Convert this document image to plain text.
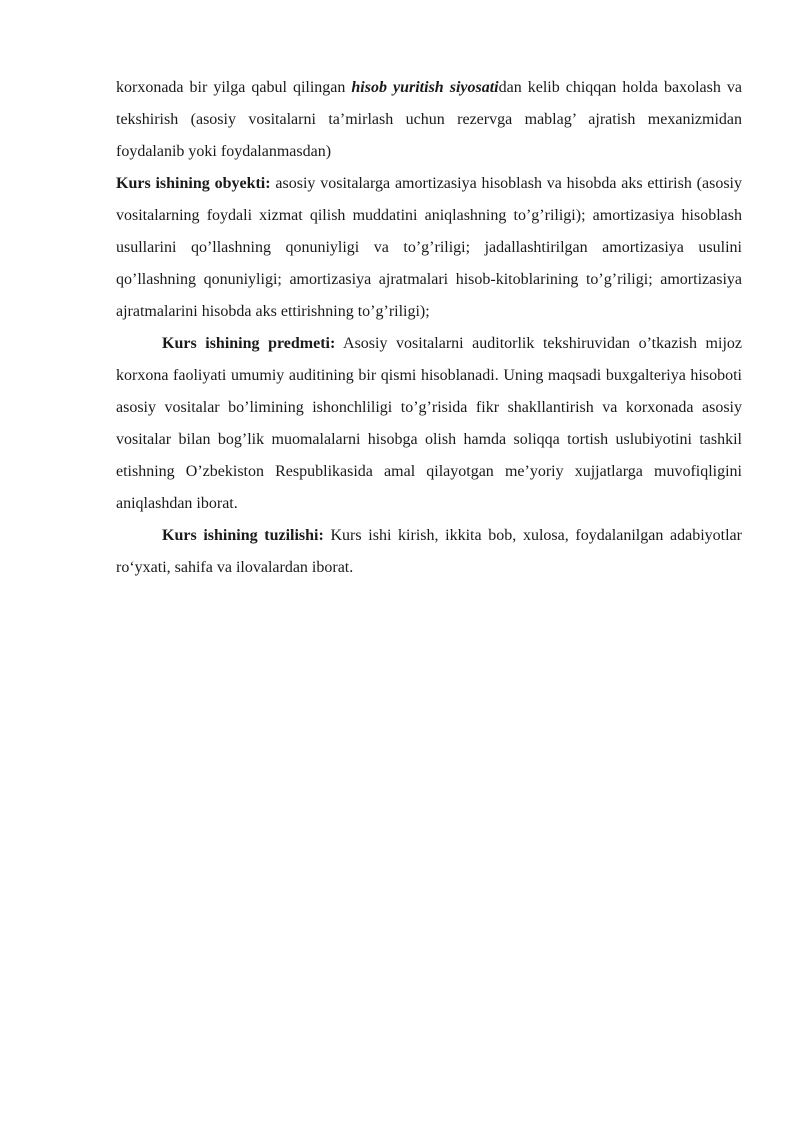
korxonada bir yilga qabul qilingan hisob yuritish siyosatidan kelib chiqqan holda baxolash va tekshirish (asosiy vositalarni ta’mirlash uchun rezervga mablag’ ajratish mexanizmidan foydalanib yoki foydalanmasdan)

Kurs ishining obyekti: asosiy vositalarga amortizasiya hisoblash va hisobda aks ettirish (asosiy vositalarning foydali xizmat qilish muddatini aniqlashning to’g’riligi); amortizasiya hisoblash usullarini qo’llashning qonuniyligi va to’g’riligi; jadallashtirilgan amortizasiya usulini qo’llashning qonuniyligi; amortizasiya ajratmalari hisob-kitoblarining to’g’riligi; amortizasiya ajratmalarini hisobda aks ettirishning to’g’riligi);

Kurs ishining predmeti: Asosiy vositalarni auditorlik tekshiruvidan o’tkazish mijoz korxona faoliyati umumiy auditining bir qismi hisoblanadi. Uning maqsadi buxgalteriya hisoboti asosiy vositalar bo’limining ishonchliligi to’g’risida fikr shakllantirish va korxonada asosiy vositalar bilan bog’lik muomalalarni hisobga olish hamda soliqqa tortish uslubiyotini tashkil etishning O’zbekiston Respublikasida amal qilayotgan me’yoriy xujjatlarga muvofiqligini aniqlashdan iborat.

Kurs ishining tuzilishi: Kurs ishi kirish, ikkita bob, xulosa, foydalanilgan adabiyotlar ro‘yxati, sahifa va ilovalardan iborat.
